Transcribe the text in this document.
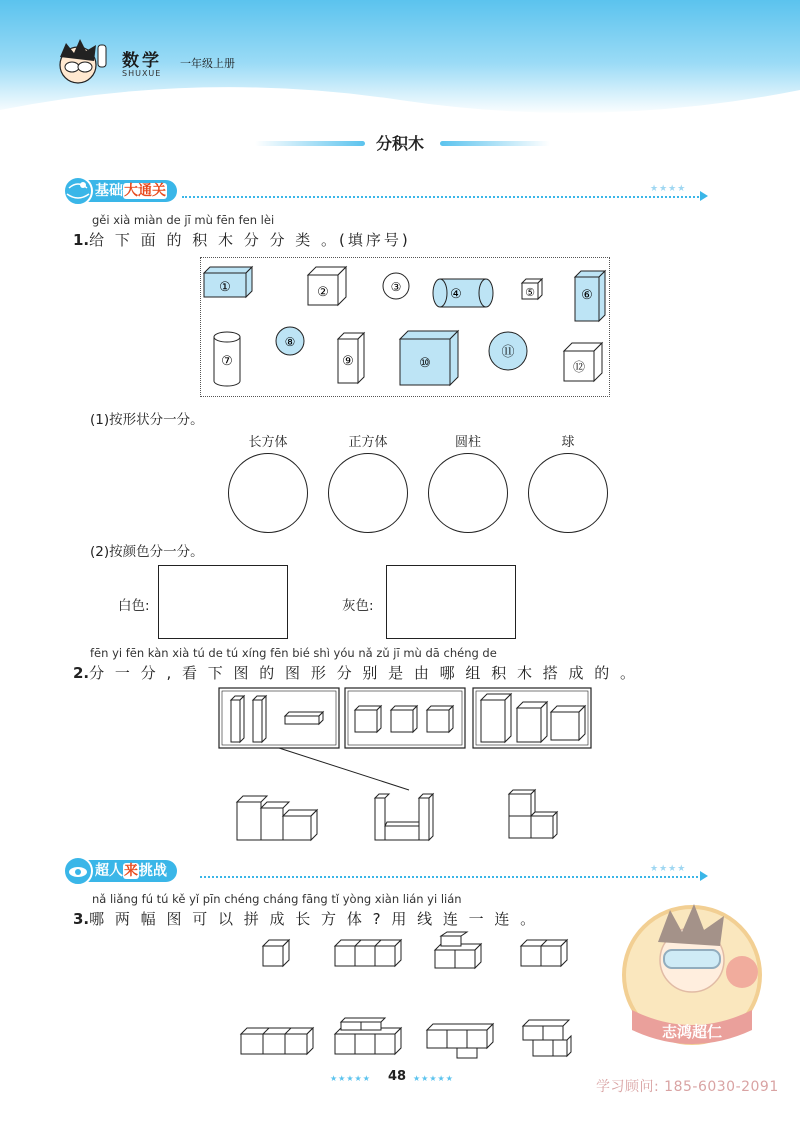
数学
SHUXUE
一年级上册
分积木
基础大通关	★★★★
gěi xià miàn de jī mù fēn fen lèi
1.给 下 面 的 积 木 分 分 类 。(填序号)
①	②	③	④	⑤	⑥
⑦
⑧
⑨	⑩
⑪
⑫
(1)按形状分一分。
长方体	正方体	圆柱	球
(2)按颜色分一分。
白色:	灰色:
fēn yi fēn kàn xià tú de tú xíng fēn bié shì yóu nǎ zǔ jī mù dā chéng de
2.分 一 分 , 看 下 图 的 图 形 分 别 是 由 哪 组 积 木 搭 成 的 。
超人来挑战	★★★★
nǎ liǎng fú tú kě yǐ pīn chéng cháng fāng tǐ yòng xiàn lián yi lián
3.哪 两 幅 图 可 以 拼 成 长 方 体 ? 用 线 连 一 连 。
志鸿超仁
★★★★★ 48 ★★★★★
学习顾问: 185-6030-2091
